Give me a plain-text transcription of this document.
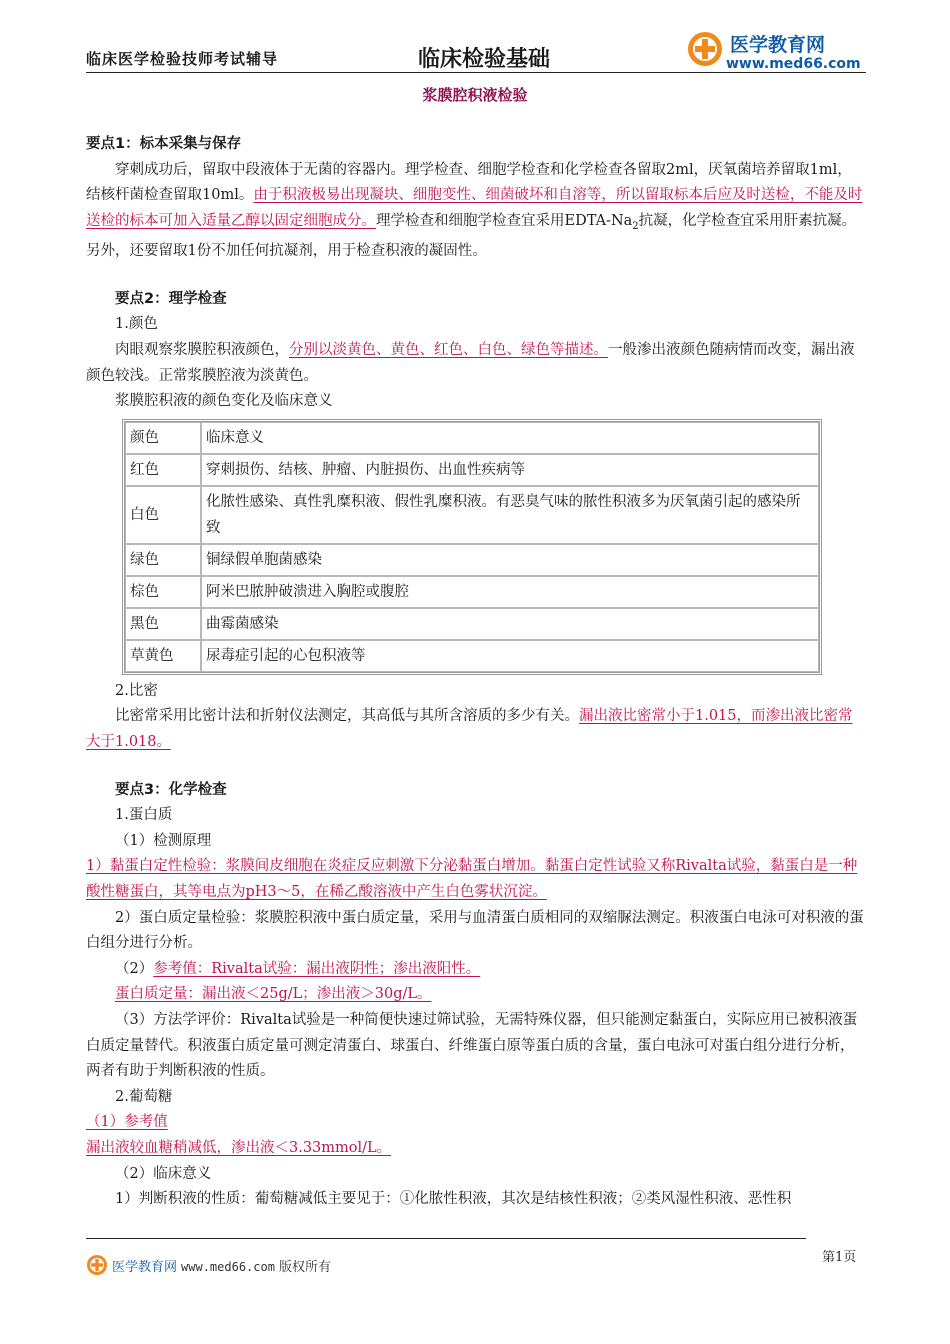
临床医学检验技师考试辅导	临床检验基础
医学教育网
www.med66.com
浆膜腔积液检验

要点1：标本采集与保存

穿刺成功后，留取中段液体于无菌的容器内。理学检查、细胞学检查和化学检查各留取2ml，厌氧菌培养留取1ml，结核杆菌检查留取10ml。由于积液极易出现凝块、细胞变性、细菌破坏和自溶等，所以留取标本后应及时送检，不能及时送检的标本可加入适量乙醇以固定细胞成分。理学检查和细胞学检查宜采用EDTA-$Na_2$抗凝，化学检查宜采用肝素抗凝。另外，还要留取1份不加任何抗凝剂，用于检查积液的凝固性。

要点2：理学检查

1.颜色

肉眼观察浆膜腔积液颜色，分别以淡黄色、黄色、红色、白色、绿色等描述。一般渗出液颜色随病情而改变，漏出液颜色较浅。正常浆膜腔液为淡黄色。

浆膜腔积液的颜色变化及临床意义

颜色	临床意义
红色	穿刺损伤、结核、肿瘤、内脏损伤、出血性疾病等
白色	化脓性感染、真性乳糜积液、假性乳糜积液。有恶臭气味的脓性积液多为厌氧菌引起的感染所致
绿色	铜绿假单胞菌感染
棕色	阿米巴脓肿破溃进入胸腔或腹腔
黑色	曲霉菌感染
草黄色	尿毒症引起的心包积液等

2.比密

比密常采用比密计法和折射仪法测定，其高低与其所含溶质的多少有关。漏出液比密常小于1.015，而渗出液比密常大于1.018。

要点3：化学检查

1.蛋白质

（1）检测原理

1）黏蛋白定性检验：浆膜间皮细胞在炎症反应刺激下分泌黏蛋白增加。黏蛋白定性试验又称Rivalta试验，黏蛋白是一种酸性糖蛋白，其等电点为pH3～5，在稀乙酸溶液中产生白色雾状沉淀。

2）蛋白质定量检验：浆膜腔积液中蛋白质定量，采用与血清蛋白质相同的双缩脲法测定。积液蛋白电泳可对积液的蛋白组分进行分析。

（2）参考值：Rivalta试验：漏出液阴性；渗出液阳性。

蛋白质定量：漏出液＜25g/L；渗出液＞30g/L。

（3）方法学评价：Rivalta试验是一种简便快速过筛试验，无需特殊仪器，但只能测定黏蛋白，实际应用已被积液蛋白质定量替代。积液蛋白质定量可测定清蛋白、球蛋白、纤维蛋白原等蛋白质的含量，蛋白电泳可对蛋白组分进行分析，两者有助于判断积液的性质。

2.葡萄糖

（1）参考值

漏出液较血糖稍减低，渗出液＜3.33mmol/L。

（2）临床意义

1）判断积液的性质：葡萄糖减低主要见于：①化脓性积液，其次是结核性积液；②类风湿性积液、恶性积

医学教育网 www.med66.com 版权所有
第1页
